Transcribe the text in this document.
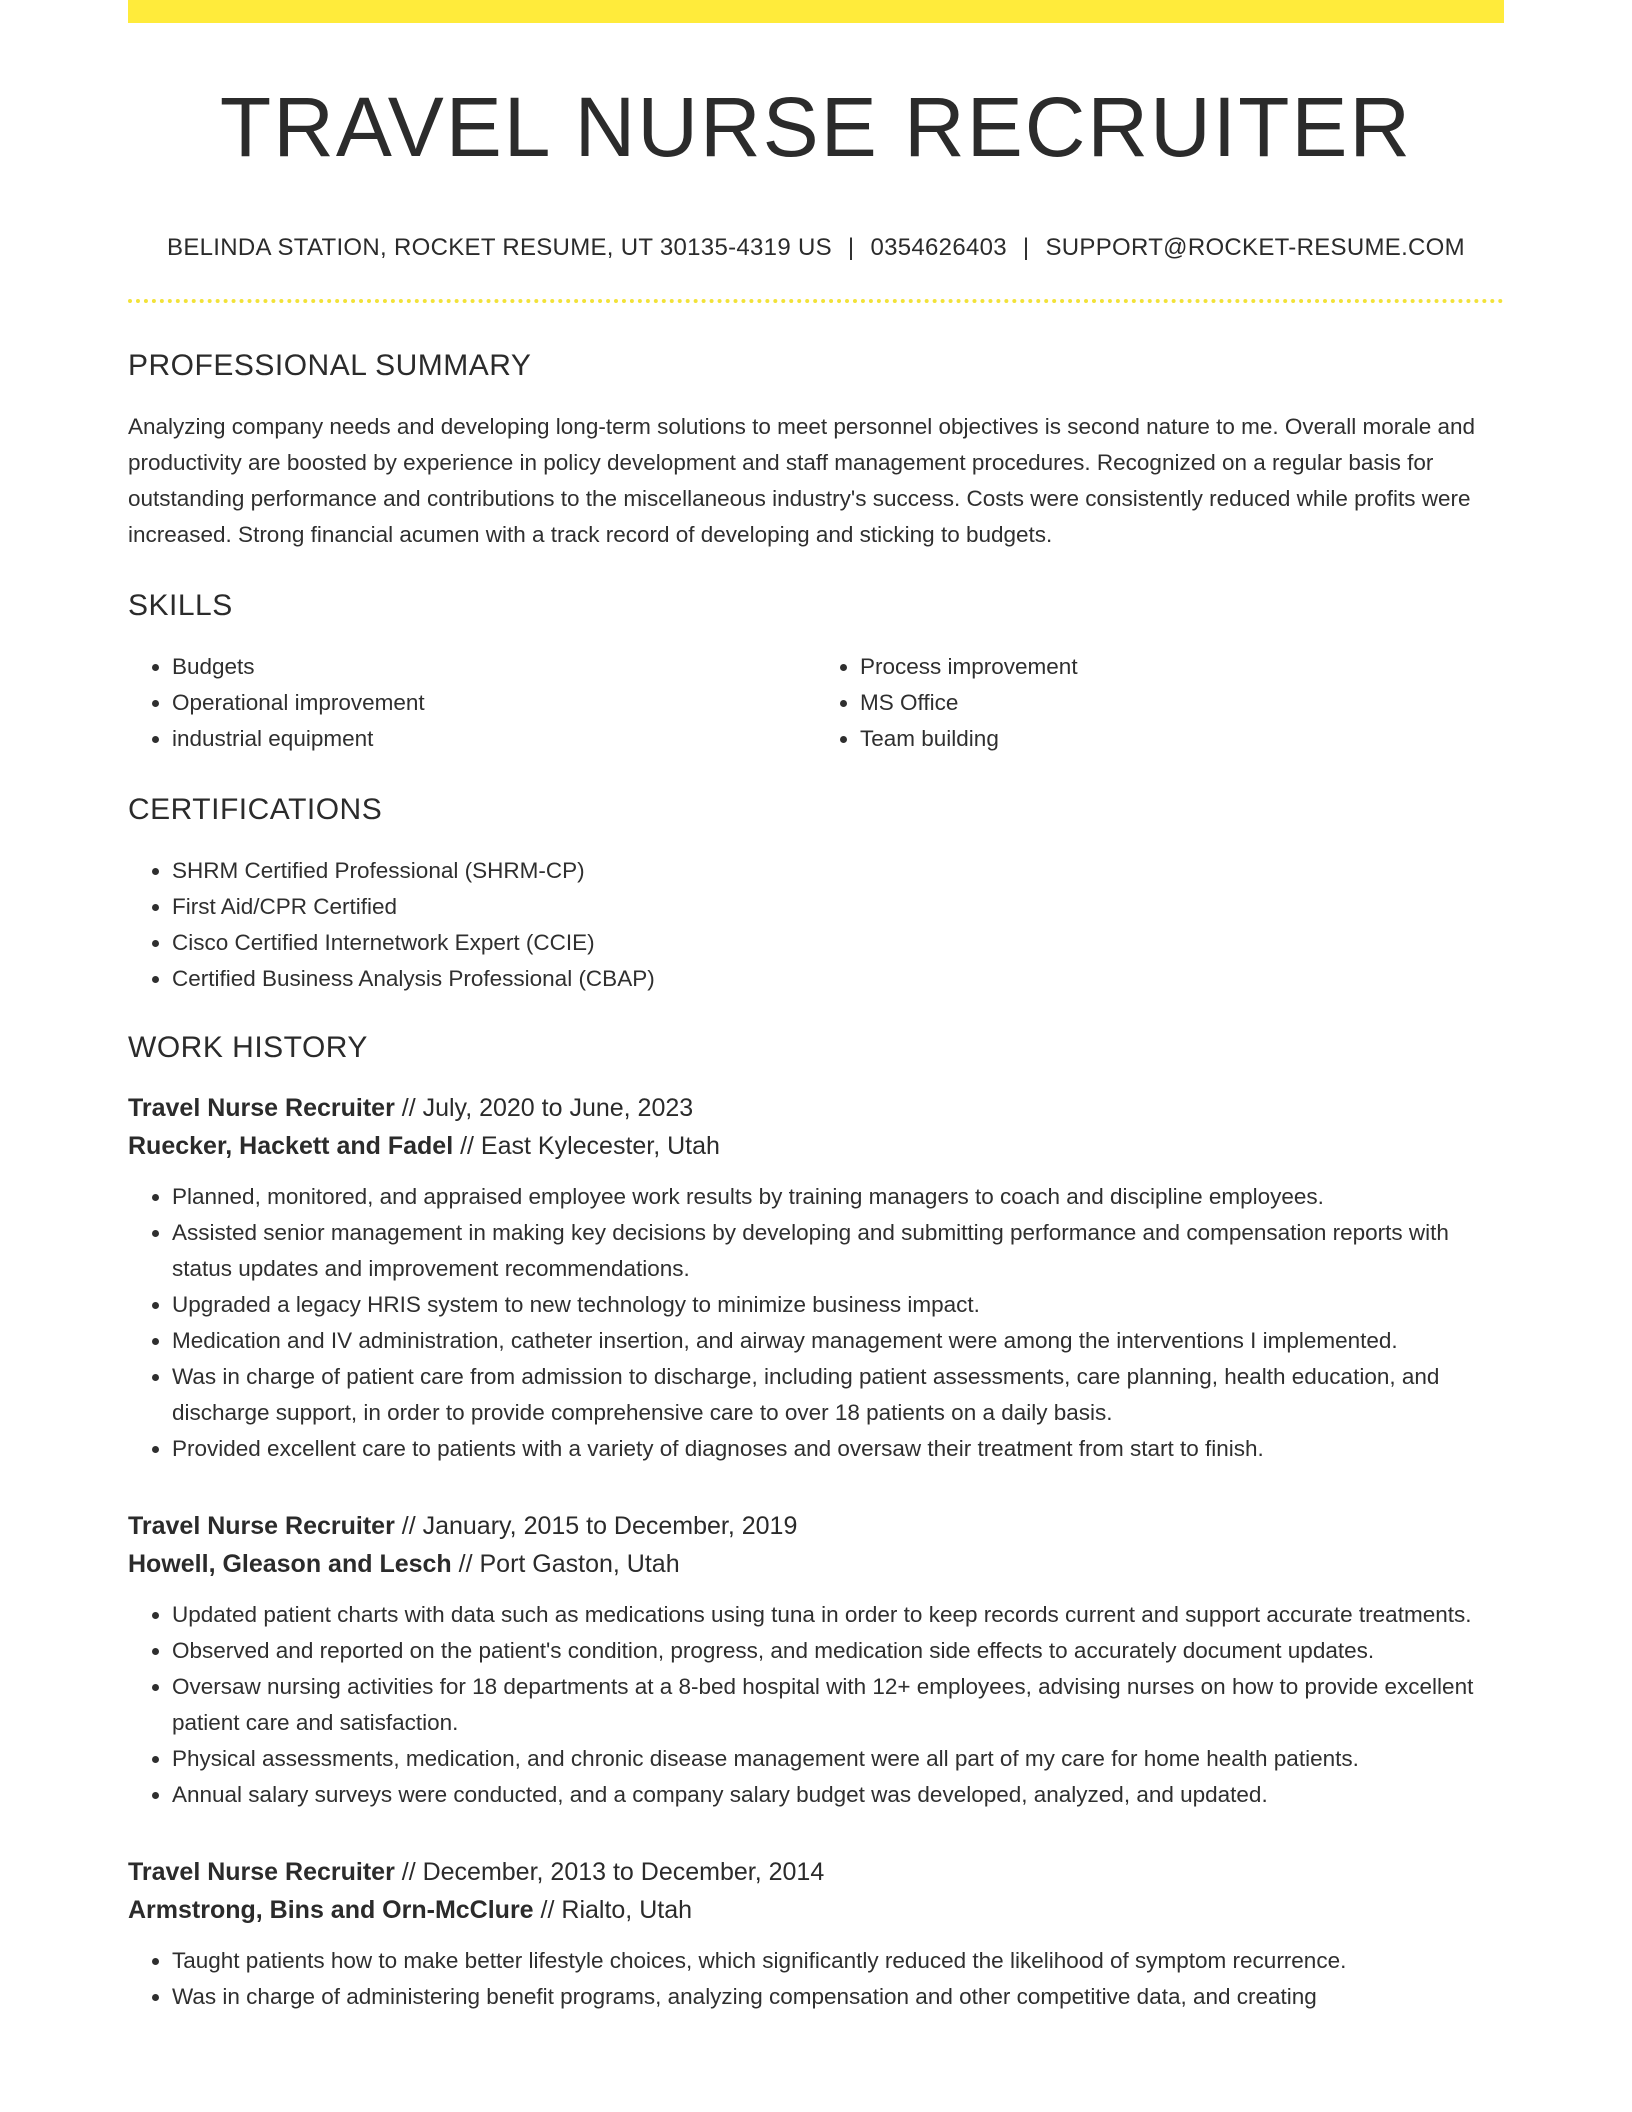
TRAVEL NURSE RECRUITER
BELINDA STATION, ROCKET RESUME, UT 30135-4319 US | 0354626403 | SUPPORT@ROCKET-RESUME.COM
PROFESSIONAL SUMMARY

Analyzing company needs and developing long-term solutions to meet personnel objectives is second nature to me. Overall morale and productivity are boosted by experience in policy development and staff management procedures. Recognized on a regular basis for outstanding performance and contributions to the miscellaneous industry's success. Costs were consistently reduced while profits were increased. Strong financial acumen with a track record of developing and sticking to budgets.

SKILLS
• Budgets
• Operational improvement
• industrial equipment
• Process improvement
• MS Office
• Team building
CERTIFICATIONS
• SHRM Certified Professional (SHRM-CP)
• First Aid/CPR Certified
• Cisco Certified Internetwork Expert (CCIE)
• Certified Business Analysis Professional (CBAP)
WORK HISTORY
Travel Nurse Recruiter // July, 2020 to June, 2023
Ruecker, Hackett and Fadel // East Kylecester, Utah
• Planned, monitored, and appraised employee work results by training managers to coach and discipline employees.
• Assisted senior management in making key decisions by developing and submitting performance and compensation reports with status updates and improvement recommendations.
• Upgraded a legacy HRIS system to new technology to minimize business impact.
• Medication and IV administration, catheter insertion, and airway management were among the interventions I implemented.
• Was in charge of patient care from admission to discharge, including patient assessments, care planning, health education, and discharge support, in order to provide comprehensive care to over 18 patients on a daily basis.
• Provided excellent care to patients with a variety of diagnoses and oversaw their treatment from start to finish.
Travel Nurse Recruiter // January, 2015 to December, 2019
Howell, Gleason and Lesch // Port Gaston, Utah
• Updated patient charts with data such as medications using tuna in order to keep records current and support accurate treatments.
• Observed and reported on the patient's condition, progress, and medication side effects to accurately document updates.
• Oversaw nursing activities for 18 departments at a 8-bed hospital with 12+ employees, advising nurses on how to provide excellent patient care and satisfaction.
• Physical assessments, medication, and chronic disease management were all part of my care for home health patients.
• Annual salary surveys were conducted, and a company salary budget was developed, analyzed, and updated.
Travel Nurse Recruiter // December, 2013 to December, 2014
Armstrong, Bins and Orn-McClure // Rialto, Utah
• Taught patients how to make better lifestyle choices, which significantly reduced the likelihood of symptom recurrence.
• Was in charge of administering benefit programs, analyzing compensation and other competitive data, and creating
